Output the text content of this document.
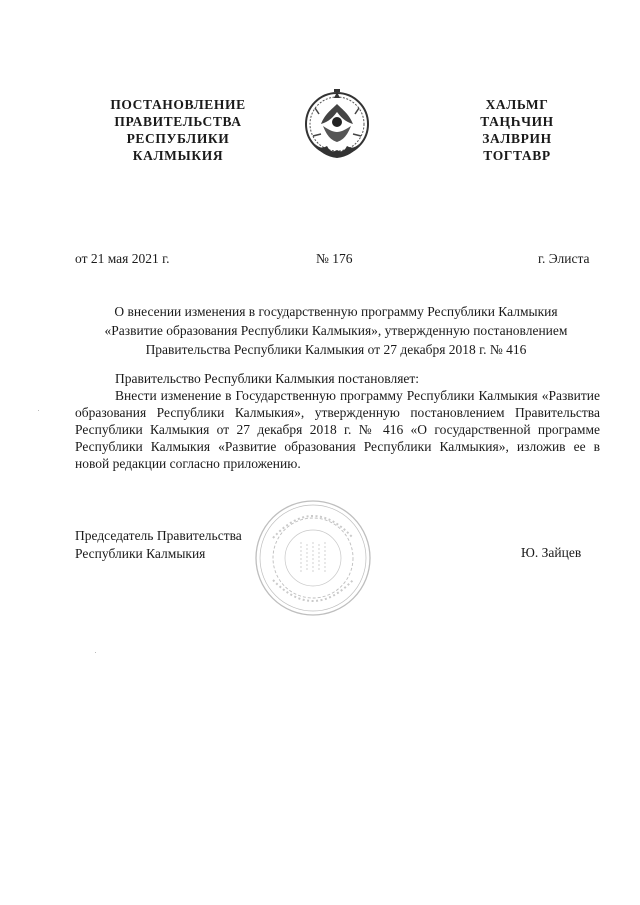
ПОСТАНОВЛЕНИЕ
ПРАВИТЕЛЬСТВА
РЕСПУБЛИКИ
КАЛМЫКИЯ
ХАЛЬМГ
ТАҢҺЧИН
ЗАЛВРИН
ТОГТАВР
от 21 мая 2021 г.	№ 176	г. Элиста
О внесении изменения в государственную программу Республики Калмыкия
«Развитие образования Республики Калмыкия», утвержденную постановлением
Правительства Республики Калмыкия от 27 декабря 2018 г. № 416
Правительство Республики Калмыкия постановляет:

Внести изменение в Государственную программу Республики Калмыкия «Развитие образования Республики Калмыкия», утвержденную постановлением Правительства Республики Калмыкия от 27 декабря 2018 г. № 416 «О государственной программе Республики Калмыкия «Развитие образования Республики Калмыкия», изложив ее в новой редакции согласно приложению.

Председатель Правительства
Республики Калмыкия	Ю. Зайцев
